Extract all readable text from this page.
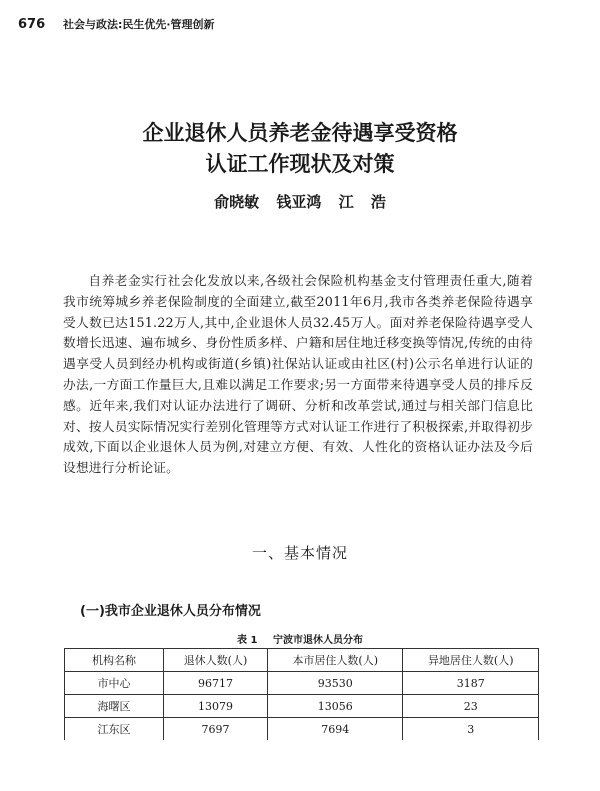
676 社会与政法:民生优先·管理创新
企业退休人员养老金待遇享受资格
认证工作现状及对策
俞晓敏 钱亚鸿 江 浩

自养老金实行社会化发放以来,各级社会保险机构基金支付管理责任重大,随着我市统筹城乡养老保险制度的全面建立,截至2011年6月,我市各类养老保险待遇享受人数已达151.22万人,其中,企业退休人员32.45万人。面对养老保险待遇享受人数增长迅速、遍布城乡、身份性质多样、户籍和居住地迁移变换等情况,传统的由待遇享受人员到经办机构或街道(乡镇)社保站认证或由社区(村)公示名单进行认证的办法,一方面工作量巨大,且难以满足工作要求;另一方面带来待遇享受人员的排斥反感。近年来,我们对认证办法进行了调研、分析和改革尝试,通过与相关部门信息比对、按人员实际情况实行差别化管理等方式对认证工作进行了积极探索,并取得初步成效,下面以企业退休人员为例,对建立方便、有效、人性化的资格认证办法及今后设想进行分析论证。

一、基本情况
(一)我市企业退休人员分布情况
表 1 宁波市退休人员分布
机构名称	退休人数(人)	本市居住人数(人)	异地居住人数(人)
市中心	96717	93530	3187
海曙区	13079	13056	23
江东区	7697	7694	3
